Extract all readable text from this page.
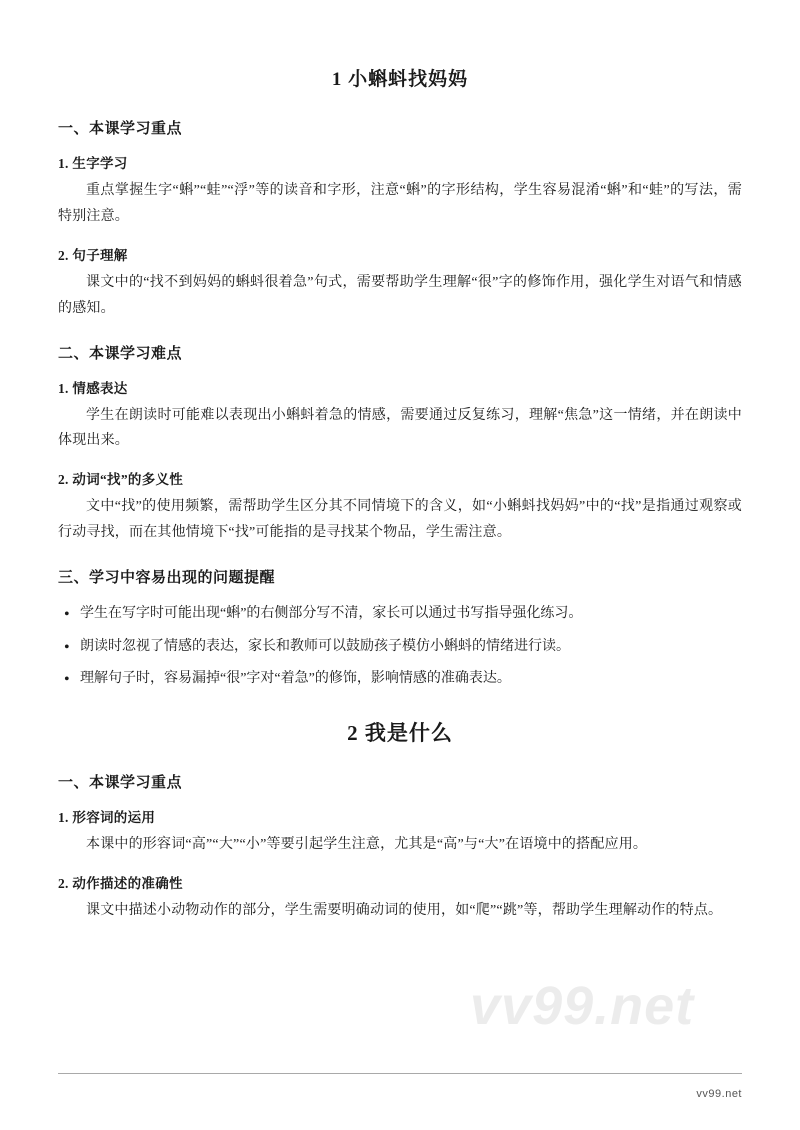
vv99.net
1 小蝌蚪找妈妈
一、本课学习重点
1. 生字学习

重点掌握生字“蝌”“蛙”“浮”等的读音和字形，注意“蝌”的字形结构，学生容易混淆“蝌”和“蛙”的写法，需特别注意。

2. 句子理解

课文中的“找不到妈妈的蝌蚪很着急”句式，需要帮助学生理解“很”字的修饰作用，强化学生对语气和情感的感知。

二、本课学习难点
1. 情感表达

学生在朗读时可能难以表现出小蝌蚪着急的情感，需要通过反复练习，理解“焦急”这一情绪，并在朗读中体现出来。

2. 动词“找”的多义性

文中“找”的使用频繁，需帮助学生区分其不同情境下的含义，如“小蝌蚪找妈妈”中的“找”是指通过观察或行动寻找，而在其他情境下“找”可能指的是寻找某个物品，学生需注意。

三、学习中容易出现的问题提醒
• 学生在写字时可能出现“蝌”的右侧部分写不清，家长可以通过书写指导强化练习。
• 朗读时忽视了情感的表达，家长和教师可以鼓励孩子模仿小蝌蚪的情绪进行读。
• 理解句子时，容易漏掉“很”字对“着急”的修饰，影响情感的准确表达。
2 我是什么
一、本课学习重点
1. 形容词的运用

本课中的形容词“高”“大”“小”等要引起学生注意，尤其是“高”与“大”在语境中的搭配应用。

2. 动作描述的准确性

课文中描述小动物动作的部分，学生需要明确动词的使用，如“爬”“跳”等，帮助学生理解动作的特点。

vv99.net
